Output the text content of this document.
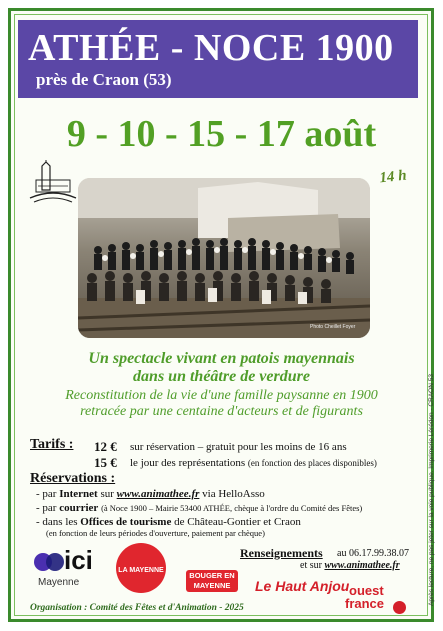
ATHÉE - NOCE 1900
près de Craon (53)
9 - 10 - 15 - 17 août
14 h
Photo Cheillet Foyer
Un spectacle vivant en patois mayennais
dans un théâtre de verdure
Reconstitution de la vie d'une famille paysanne en 1900
retracée par une centaine d'acteurs et de figurants
Tarifs : 12 € sur réservation – gratuit pour les moins de 16 ans
15 € le jour des représentations (en fonction des places disponibles)
Réservations :
- par Internet sur www.animathee.fr via HelloAsso
- par courrier (à Noce 1900 – Mairie 53400 ATHÉE, chèque à l'ordre du Comité des Fêtes)
- dans les Offices de tourisme de Château-Gontier et Craon
(en fonction de leurs périodes d'ouverture, paiement par chèque)
ici
Mayenne
LA MAYENNE
BOUGER EN MAYENNE
Renseignements au 06.17.99.38.07
et sur www.animathee.fr
Le Haut Anjou ouest
france
Organisation : Comité des Fêtes et d'Animation - 2025
Après lecture, ne pas jeter sur la voie publique. Imprimerie Lérédon - CRAON 53
